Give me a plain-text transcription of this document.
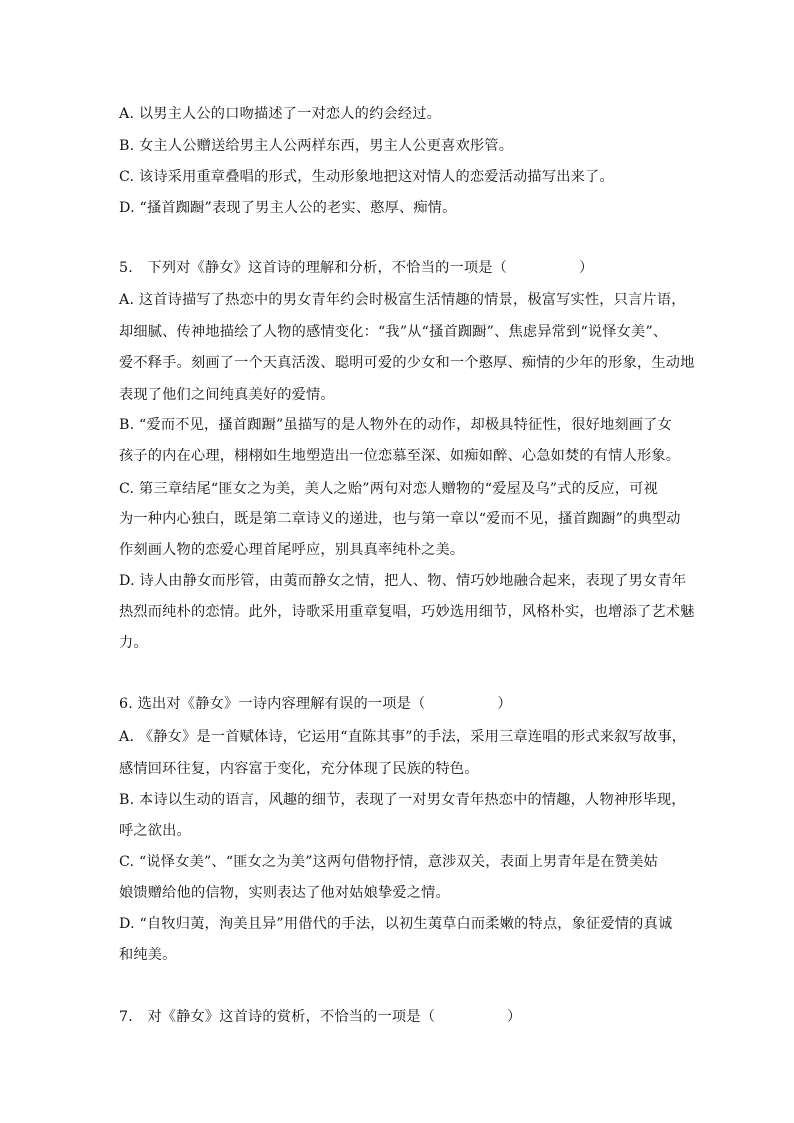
A. 以男主人公的口吻描述了一对恋人的约会经过。
B. 女主人公赠送给男主人公两样东西，男主人公更喜欢彤管。
C. 该诗采用重章叠唱的形式，生动形象地把这对情人的恋爱活动描写出来了。
D. “搔首踟蹰”表现了男主人公的老实、憨厚、痴情。
5.　下列对《静女》这首诗的理解和分析，不恰当的一项是（　　　　　）
A. 这首诗描写了热恋中的男女青年约会时极富生活情趣的情景，极富写实性，只言片语，
却细腻、传神地描绘了人物的感情变化：“我”从“搔首踟蹰”、焦虑异常到“说怿女美”、
爱不释手。刻画了一个天真活泼、聪明可爱的少女和一个憨厚、痴情的少年的形象，生动地
表现了他们之间纯真美好的爱情。
B. “爱而不见，搔首踟蹰”虽描写的是人物外在的动作，却极具特征性，很好地刻画了女
孩子的内在心理，栩栩如生地塑造出一位恋慕至深、如痴如醉、心急如焚的有情人形象。
C. 第三章结尾“匪女之为美，美人之贻”两句对恋人赠物的“爱屋及乌”式的反应，可视
为一种内心独白，既是第二章诗义的递进，也与第一章以“爱而不见，搔首踟蹰”的典型动
作刻画人物的恋爱心理首尾呼应，别具真率纯朴之美。
D. 诗人由静女而彤管，由荑而静女之情，把人、物、情巧妙地融合起来，表现了男女青年
热烈而纯朴的恋情。此外，诗歌采用重章复唱，巧妙选用细节，风格朴实，也增添了艺术魅
力。
6. 选出对《静女》一诗内容理解有误的一项是（　　　　　）
A. 《静女》是一首赋体诗，它运用“直陈其事”的手法，采用三章连唱的形式来叙写故事，
感情回环往复，内容富于变化，充分体现了民族的特色。
B. 本诗以生动的语言，风趣的细节，表现了一对男女青年热恋中的情趣，人物神形毕现，
呼之欲出。
C. “说怿女美”、“匪女之为美”这两句借物抒情，意涉双关，表面上男青年是在赞美姑
娘馈赠给他的信物，实则表达了他对姑娘挚爱之情。
D. “自牧归荑，洵美且异”用借代的手法，以初生荑草白而柔嫩的特点，象征爱情的真诚
和纯美。
7.　对《静女》这首诗的赏析，不恰当的一项是（　　　　　）
